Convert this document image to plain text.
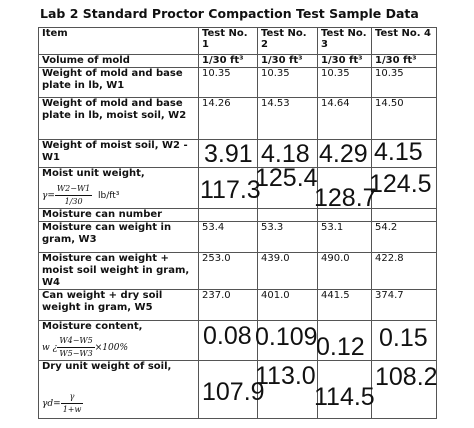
Lab 2 Standard Proctor Compaction Test Sample Data
Item	Test No. 1	Test No. 2	Test No. 3	Test No. 4
Volume of mold	1/30 ft³	1/30 ft³	1/30 ft³	1/30 ft³
Weight of mold and base plate in lb, W1	10.35	10.35	10.35	10.35
Weight of mold and base plate in lb, moist soil, W2	14.26	14.53	14.64	14.50
Weight of moist soil, W2 - W1	3.91	4.18	4.29	4.15

Moist unit weight,
$\gamma= \frac{W2-W1}{1/30} lb/ft^3$	117.3	125.4	128.7	124.5

Moisture can number				
Moisture can weight in gram, W3	53.4	53.3	53.1	54.2
Moisture can weight + moist soil weight in gram, W4	253.0	439.0	490.0	422.8
Can weight + dry soil weight in gram, W5	237.0	401.0	441.5	374.7

Moisture content,
w ¿ $\frac{W4-W5}{W5-W3} \times 100\%$	0.08	0.109	0.12	0.15

Dry unit weight of soil,
$\gamma d= \frac{\gamma}{1+w}$	107.9	113.0	114.5	108.2
